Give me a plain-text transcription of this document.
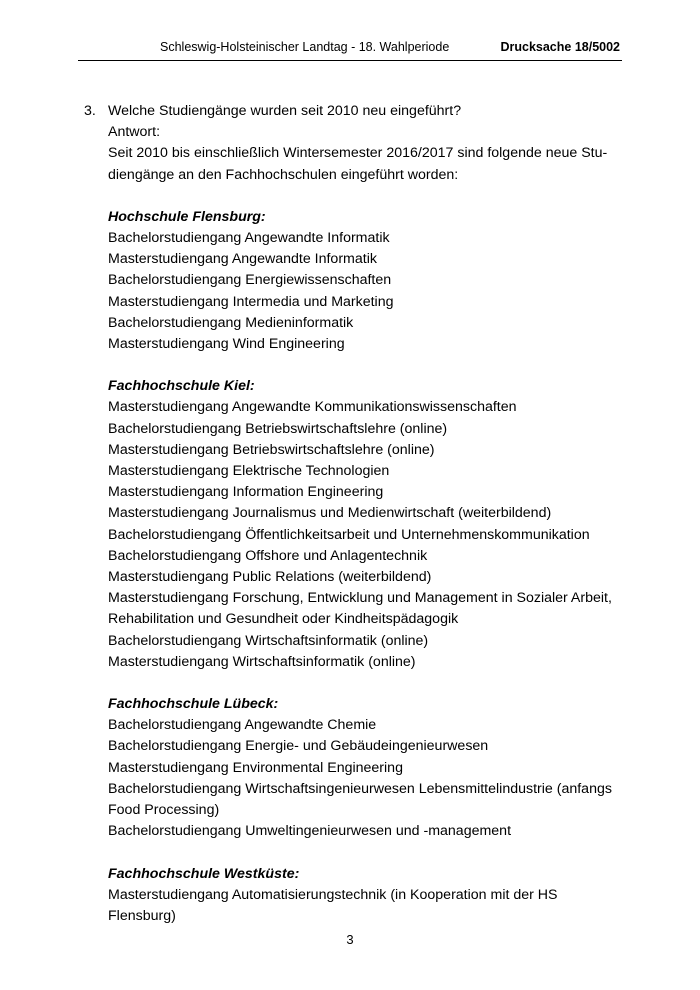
Schleswig-Holsteinischer Landtag - 18. Wahlperiode	Drucksache 18/5002
3. Welche Studiengänge wurden seit 2010 neu eingeführt?
Antwort:
Seit 2010 bis einschließlich Wintersemester 2016/2017 sind folgende neue Stu-
diengänge an den Fachhochschulen eingeführt worden:
Hochschule Flensburg:
Bachelorstudiengang Angewandte Informatik
Masterstudiengang Angewandte Informatik
Bachelorstudiengang Energiewissenschaften
Masterstudiengang Intermedia und Marketing
Bachelorstudiengang Medieninformatik
Masterstudiengang Wind Engineering
Fachhochschule Kiel:
Masterstudiengang Angewandte Kommunikationswissenschaften
Bachelorstudiengang Betriebswirtschaftslehre (online)
Masterstudiengang Betriebswirtschaftslehre (online)
Masterstudiengang Elektrische Technologien
Masterstudiengang Information Engineering
Masterstudiengang Journalismus und Medienwirtschaft (weiterbildend)
Bachelorstudiengang Öffentlichkeitsarbeit und Unternehmenskommunikation
Bachelorstudiengang Offshore und Anlagentechnik
Masterstudiengang Public Relations (weiterbildend)
Masterstudiengang Forschung, Entwicklung und Management in Sozialer Arbeit,
Rehabilitation und Gesundheit oder Kindheitspädagogik
Bachelorstudiengang Wirtschaftsinformatik (online)
Masterstudiengang Wirtschaftsinformatik (online)
Fachhochschule Lübeck:
Bachelorstudiengang Angewandte Chemie
Bachelorstudiengang Energie- und Gebäudeingenieurwesen
Masterstudiengang Environmental Engineering
Bachelorstudiengang Wirtschaftsingenieurwesen Lebensmittelindustrie (anfangs
Food Processing)
Bachelorstudiengang Umweltingenieurwesen und -management
Fachhochschule Westküste:
Masterstudiengang Automatisierungstechnik (in Kooperation mit der HS Flensburg)
3
